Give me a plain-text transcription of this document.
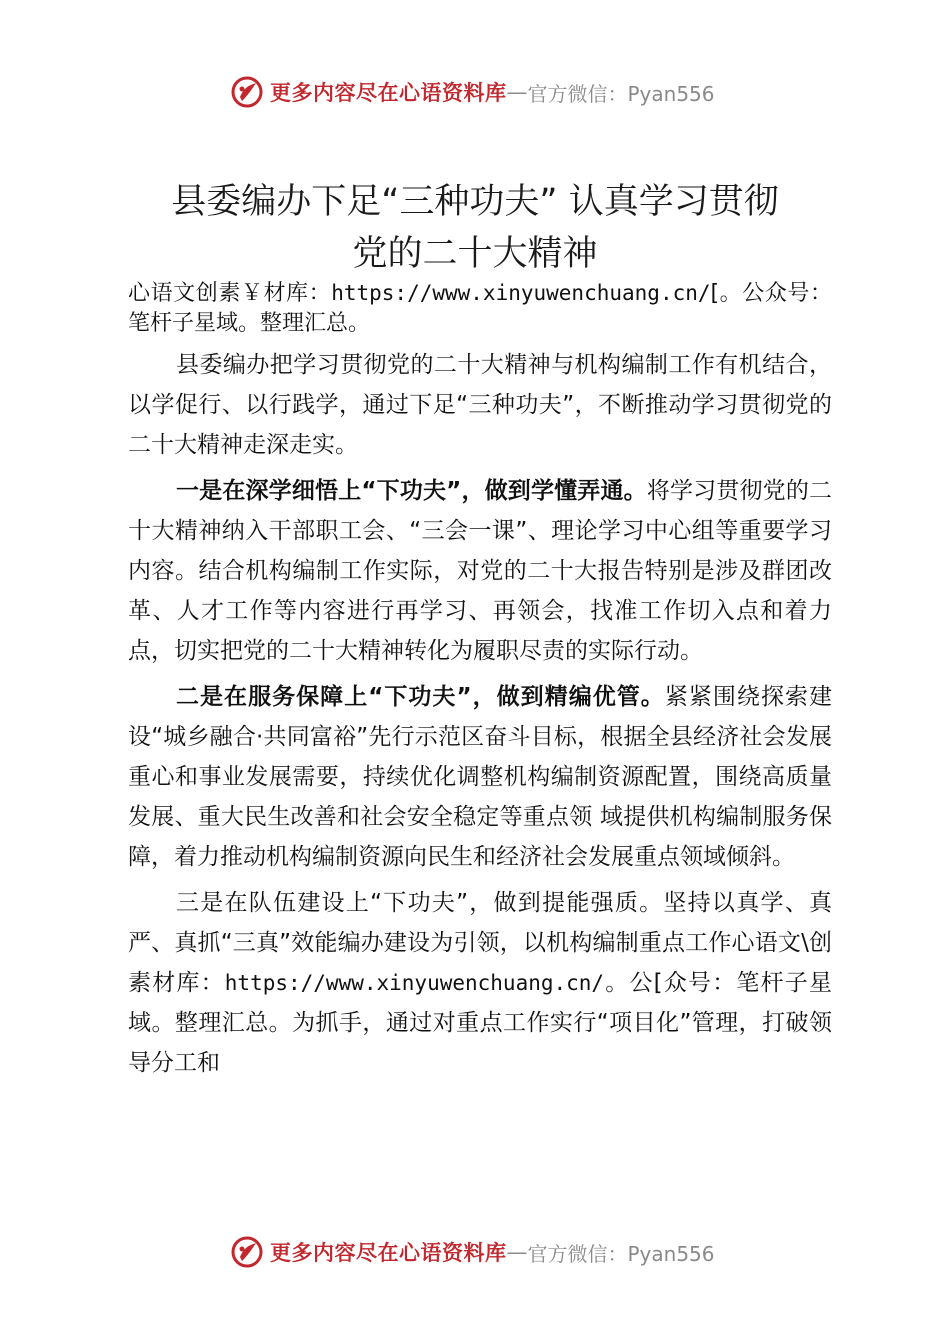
更多内容尽在心语资料库 — 官方微信：Pyan556
县委编办下足“三种功夫” 认真学习贯彻
党的二十大精神

心语文创素￥材库：https://www.xinyuwenchuang.cn/[。公众号：笔杆子星域。整理汇总。

县委编办把学习贯彻党的二十大精神与机构编制工作有机结合，以学促行、以行践学，通过下足“三种功夫”，不断推动学习贯彻党的二十大精神走深走实。

一是在深学细悟上“下功夫”，做到学懂弄通。将学习贯彻党的二十大精神纳入干部职工会、“三会一课”、理论学习中心组等重要学习内容。结合机构编制工作实际，对党的二十大报告特别是涉及群团改革、人才工作等内容进行再学习、再领会，找准工作切入点和着力点，切实把党的二十大精神转化为履职尽责的实际行动。

二是在服务保障上“下功夫”，做到精编优管。紧紧围绕探索建设“城乡融合·共同富裕”先行示范区奋斗目标，根据全县经济社会发展重心和事业发展需要，持续优化调整机构编制资源配置，围绕高质量发展、重大民生改善和社会安全稳定等重点领 域提供机构编制服务保障，着力推动机构编制资源向民生和经济社会发展重点领域倾斜。

三是在队伍建设上“下功夫”，做到提能强质。坚持以真学、真严、真抓“三真”效能编办建设为引领，以机构编制重点工作心语文\创素材库：https://www.xinyuwenchuang.cn/。公[众号：笔杆子星域。整理汇总。为抓手，通过对重点工作实行“项目化”管理，打破领导分工和

更多内容尽在心语资料库 — 官方微信：Pyan556
